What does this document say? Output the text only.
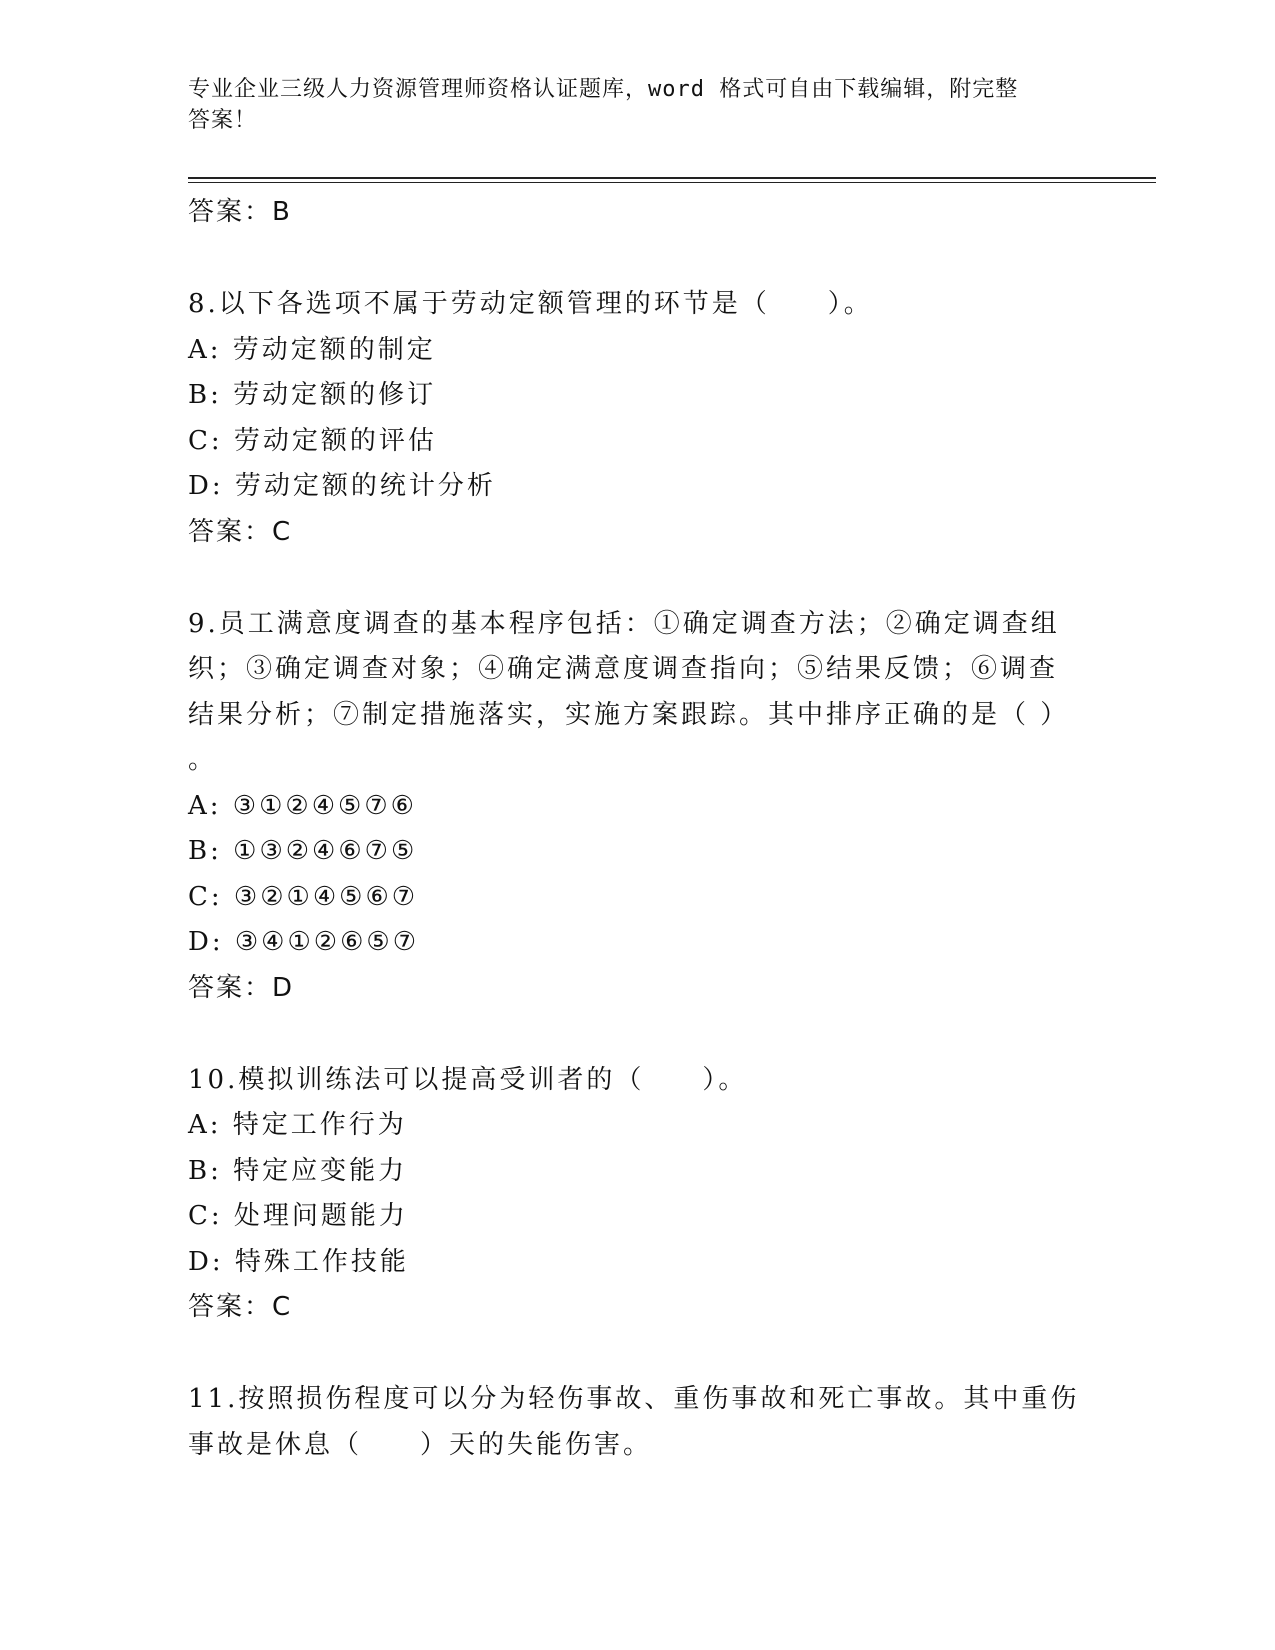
专业企业三级人力资源管理师资格认证题库，word 格式可自由下载编辑，附完整
答案！
答案：B
8.以下各选项不属于劳动定额管理的环节是（　　）。
A: 劳动定额的制定
B: 劳动定额的修订
C: 劳动定额的评估
D: 劳动定额的统计分析
答案：C
9.员工满意度调查的基本程序包括：①确定调查方法；②确定调查组
织；③确定调查对象；④确定满意度调查指向；⑤结果反馈；⑥调查
结果分析；⑦制定措施落实，实施方案跟踪。其中排序正确的是（ ）
。
A: ③①②④⑤⑦⑥
B: ①③②④⑥⑦⑤
C: ③②①④⑤⑥⑦
D: ③④①②⑥⑤⑦
答案：D
10.模拟训练法可以提高受训者的（　　）。
A: 特定工作行为
B: 特定应变能力
C: 处理问题能力
D: 特殊工作技能
答案：C
11.按照损伤程度可以分为轻伤事故、重伤事故和死亡事故。其中重伤
事故是休息（　　）天的失能伤害。
